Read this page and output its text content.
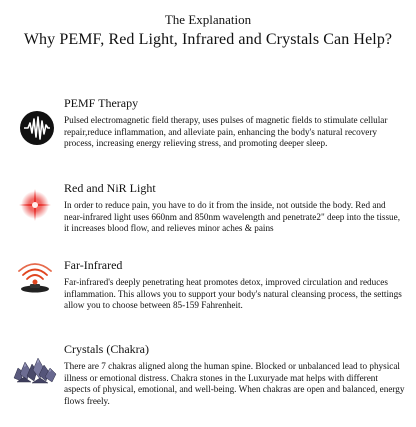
The Explanation

Why PEMF, Red Light, Infrared and Crystals Can Help?

PEMF Therapy

Pulsed electromagnetic field therapy, uses pulses of magnetic fields to stimulate cellular repair,reduce inflammation, and alleviate pain, enhancing the body's natural recovery process, increasing energy relieving stress, and promoting deeper sleep.

Red and NiR Light

In order to reduce pain, you have to do it from the inside, not outside the body. Red and near-infrared light uses 660nm and 850nm wavelength and penetrate2" deep into the tissue, it increases blood flow, and relieves minor aches & pains

Far-Infrared

Far-infrared's deeply penetrating heat promotes detox, improved circulation and reduces inflammation. This allows you to support your body's natural cleansing process, the settings allow you to choose between 85-159 Fahrenheit.

Crystals (Chakra)

There are 7 chakras aligned along the human spine. Blocked or unbalanced lead to physical illness or emotional distress. Chakra stones in the Luxuryade mat helps with different aspects of physical, emotional, and well-being. When chakras are open and balanced, energy flows freely.
